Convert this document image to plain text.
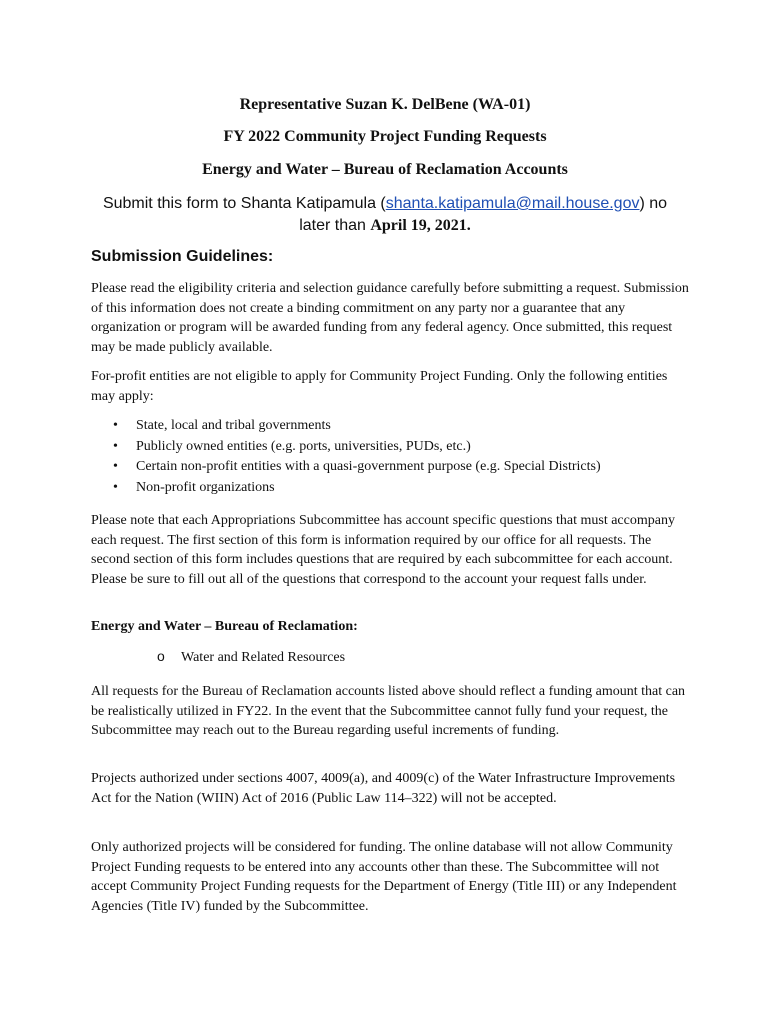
Representative Suzan K. DelBene (WA-01)

FY 2022 Community Project Funding Requests

Energy and Water – Bureau of Reclamation Accounts

Submit this form to Shanta Katipamula (shanta.katipamula@mail.house.gov) no later than April 19, 2021.
Submission Guidelines:

Please read the eligibility criteria and selection guidance carefully before submitting a request. Submission of this information does not create a binding commitment on any party nor a guarantee that any organization or program will be awarded funding from any federal agency. Once submitted, this request may be made publicly available.

For-profit entities are not eligible to apply for Community Project Funding. Only the following entities may apply:

• State, local and tribal governments
• Publicly owned entities (e.g. ports, universities, PUDs, etc.)
• Certain non-profit entities with a quasi-government purpose (e.g. Special Districts)
• Non-profit organizations

Please note that each Appropriations Subcommittee has account specific questions that must accompany each request. The first section of this form is information required by our office for all requests. The second section of this form includes questions that are required by each subcommittee for each account. Please be sure to fill out all of the questions that correspond to the account your request falls under.

Energy and Water – Bureau of Reclamation:

o Water and Related Resources

All requests for the Bureau of Reclamation accounts listed above should reflect a funding amount that can be realistically utilized in FY22. In the event that the Subcommittee cannot fully fund your request, the Subcommittee may reach out to the Bureau regarding useful increments of funding.

Projects authorized under sections 4007, 4009(a), and 4009(c) of the Water Infrastructure Improvements Act for the Nation (WIIN) Act of 2016 (Public Law 114–322) will not be accepted.

Only authorized projects will be considered for funding. The online database will not allow Community Project Funding requests to be entered into any accounts other than these. The Subcommittee will not accept Community Project Funding requests for the Department of Energy (Title III) or any Independent Agencies (Title IV) funded by the Subcommittee.
